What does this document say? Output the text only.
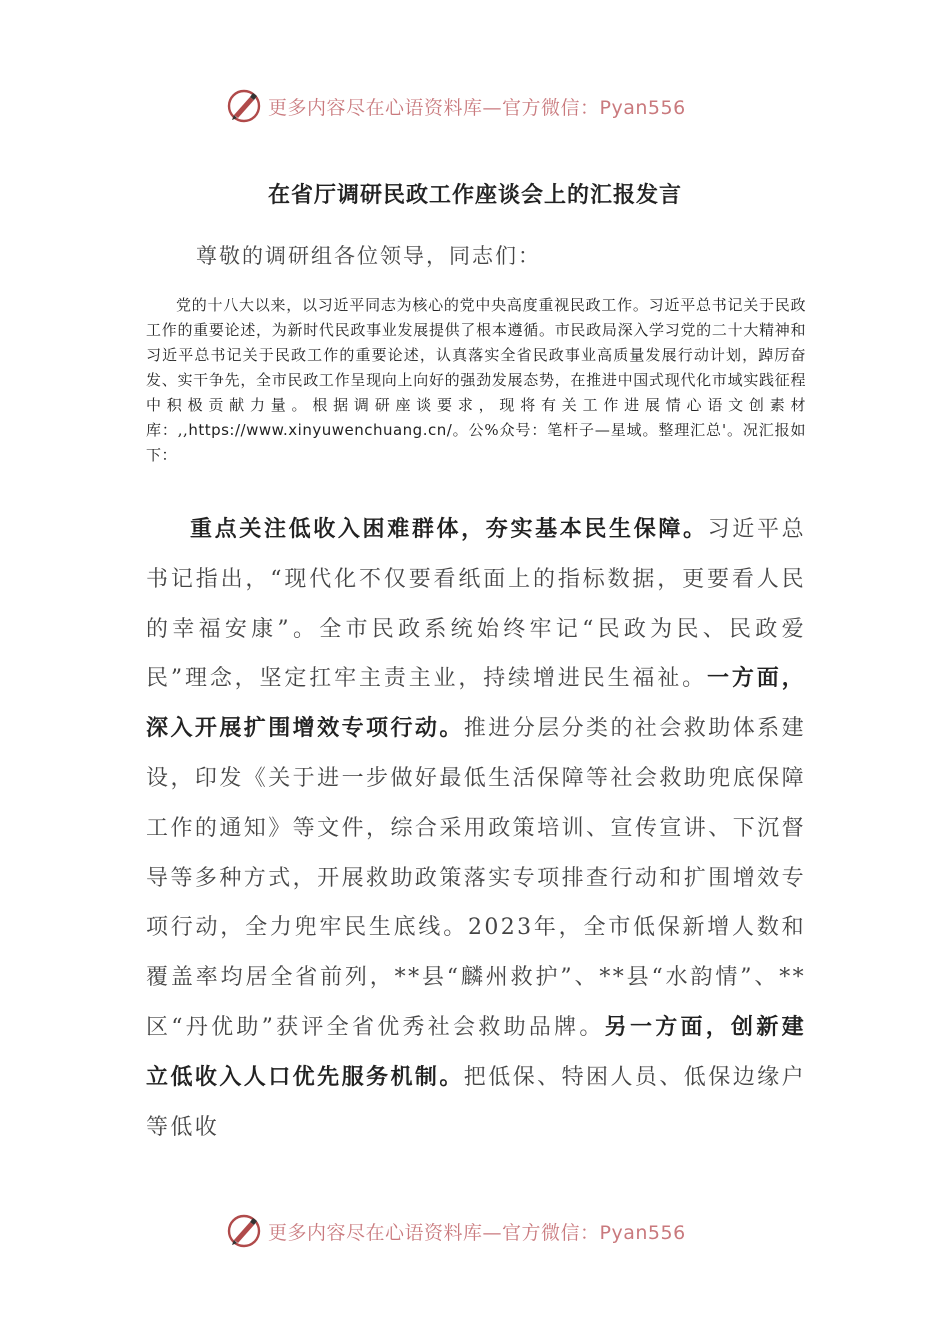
更多内容尽在心语资料库—官方微信：Pyan556
在省厅调研民政工作座谈会上的汇报发言
尊敬的调研组各位领导，同志们：
党的十八大以来，以习近平同志为核心的党中央高度重视民政工作。习近平总书记关于民政工作的重要论述，为新时代民政事业发展提供了根本遵循。市民政局深入学习党的二十大精神和习近平总书记关于民政工作的重要论述，认真落实全省民政事业高质量发展行动计划，踔厉奋发、实干争先，全市民政工作呈现向上向好的强劲发展态势，在推进中国式现代化市域实践征程中积极贡献力量。根据调研座谈要求，现将有关工作进展情心语文创素材库：,,https://www.xinyuwenchuang.cn/。公%众号：笔杆子—星域。整理汇总'。况汇报如下：
重点关注低收入困难群体，夯实基本民生保障。习近平总书记指出，“现代化不仅要看纸面上的指标数据，更要看人民的幸福安康”。全市民政系统始终牢记“民政为民、民政爱民”理念，坚定扛牢主责主业，持续增进民生福祉。一方面，深入开展扩围增效专项行动。推进分层分类的社会救助体系建设，印发《关于进一步做好最低生活保障等社会救助兜底保障工作的通知》等文件，综合采用政策培训、宣传宣讲、下沉督导等多种方式，开展救助政策落实专项排查行动和扩围增效专项行动，全力兜牢民生底线。2023年，全市低保新增人数和覆盖率均居全省前列，**县“麟州救护”、**县“水韵情”、**区“丹优助”获评全省优秀社会救助品牌。另一方面，创新建立低收入人口优先服务机制。把低保、特困人员、低保边缘户等低收
更多内容尽在心语资料库—官方微信：Pyan556
